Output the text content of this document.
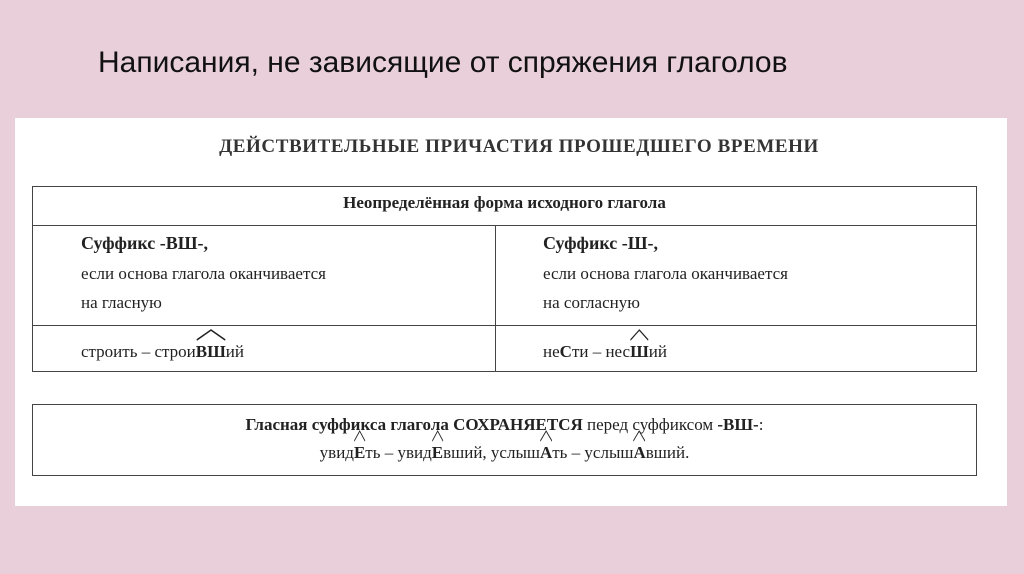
Написания, не зависящие от спряжения глаголов
ДЕЙСТВИТЕЛЬНЫЕ ПРИЧАСТИЯ ПРОШЕДШЕГО ВРЕМЕНИ
Неопределённая форма исходного глагола
Суффикс -ВШ-,
если основа глагола оканчивается
на гласную
строить – строи
ВШий
Суффикс -Ш-,
если основа глагола оканчивается
на согласную
неСти – нес
Ший
Гласная суффикса глагола СОХРАНЯЕТСЯ перед суффиксом -ВШ-:
увид
Еть – увид
Евший, услыш
Ать – услыш
Авший.
